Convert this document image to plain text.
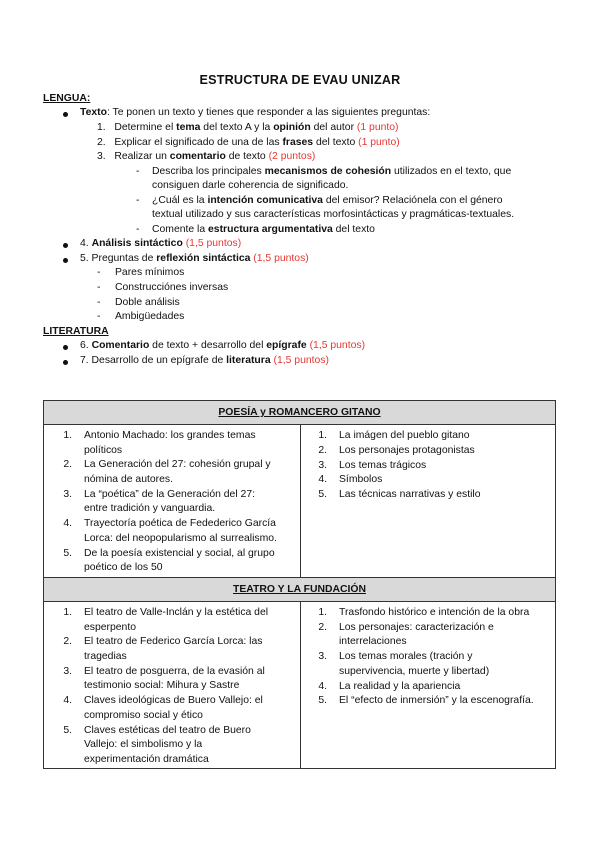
ESTRUCTURA DE EVAU UNIZAR
LENGUA:
Texto: Te ponen un texto y tienes que responder a las siguientes preguntas:
1. Determine el tema del texto A y la opinión del autor (1 punto)
2. Explicar el significado de una de las frases del texto (1 punto)
3. Realizar un comentario de texto (2 puntos)
- Describa los principales mecanismos de cohesión utilizados en el texto, que
consiguen darle coherencia de significado.
- ¿Cuál es la intención comunicativa del emisor? Relaciónela con el género
textual utilizado y sus características morfosintácticas y pragmáticas-textuales.
- Comente la estructura argumentativa del texto
4. Análisis sintáctico (1,5 puntos)
5. Preguntas de reflexión sintáctica (1,5 puntos)
- Pares mínimos
- Construcciónes inversas
- Doble análisis
- Ambigüedades
LITERATURA
6. Comentario de texto + desarrollo del epígrafe (1,5 puntos)
7. Desarrollo de un epígrafe de literatura (1,5 puntos)
POESÍA y ROMANCERO GITANO
TEATRO Y LA FUNDACIÓN
1. Antonio Machado: los grandes temas
políticos
2. La Generación del 27: cohesión grupal y
nómina de autores.
3. La “poética” de la Generación del 27:
entre tradición y vanguardia.
4. Trayectoría poética de Fedederico García
Lorca: del neopopularismo al surrealismo.
5. De la poesía existencial y social, al grupo
poético de los 50
1. La imágen del pueblo gitano
2. Los personajes protagonistas
3. Los temas trágicos
4. Símbolos
5. Las técnicas narrativas y estilo
1. El teatro de Valle-Inclán y la estética del
esperpento
2. El teatro de Federico García Lorca: las
tragedias
3. El teatro de posguerra, de la evasión al
testimonio social: Mihura y Sastre
4. Claves ideológicas de Buero Vallejo: el
compromiso social y ético
5. Claves estéticas del teatro de Buero
Vallejo: el simbolismo y la
experimentación dramática
1. Trasfondo histórico e intención de la obra
2. Los personajes: caracterización e
interrelaciones
3. Los temas morales (tración y
supervivencia, muerte y libertad)
4. La realidad y la apariencia
5. El “efecto de inmersión” y la escenografía.
